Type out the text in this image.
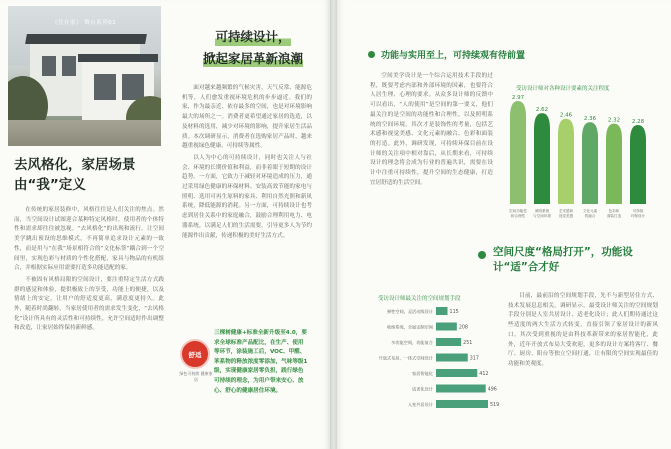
《住在家》 舞台系列01
去风格化，家居场景由“我”定义

在传统的家居装修中，风格往往是人们关注的焦点。然而，当空间设计试图迎合某种特定风格时，使用者的个体特性和需求却往往被忽视。“去风格化”的出现和流行，让空间美学跳出预设的思维模式，不再简单追求设计元素的一致性，而是用与“在我”场景相符合的“文化标签”耦合到一个空间里，实现色彩与材质的个性化搭配，家具与物品的有机组合，并根据实际应用需要打造多功能适配的家。

不被固有风格局限的空间设计，要注重特定生活方式践群的感觉和体验，提供极致上的享受，功能上的便捷，以及情绪上的安定，让用户的舒适度更高，满意度更持久。此外，随着时尚翻转，当家居使用者的需求发生变化，“去风格化”设计所具有的灵活性和可持续性，允许空间适时作出调整和改造，让家居始终保持新鲜感。

可持续设计，
掀起家居革新浪潮

面对越来越频繁的气候灾害，天气反常、能源危机等，人们愈发重视环境危机的步步逼近。我们的家，作为最亲近、依存最多的空间，也是对环境影响最大的场所之一。消费者更希望通过家居的选造，以及材料的选用，减少对环境的影响，提升家居生活品质。本次调研显示，消费者在选购家居产品时，越来越重视绿色健康、可持续等属性。

以人为中心的可持续设计，同时也关注人与社会、环境的长期价值和利益，而非着眼于短期的设计趋势。一方面，它致力于减轻对环境造成的压力，通过采用绿色健康的环保材料、安装高效节能的家电与照明、选用可再生原料的家具、利用自然光照和新风系统，降低能源的消耗。另一方面，可持续设计也考虑到居住关系中的家庭融合，鼓励合理利用电力、电器系统，以满足人们的生活需要，引导更多人为节约能源作出贡献，传递积极的美好生活方式。

舒适
绿色可持续 健康家居
三棵树健康+标准全新升级至4.0，要求全球标准产品配比，在生产、使用等环节，涂装施工后，VOC、甲醛、苯系物的释放浓度零添加，气味等级1级，实现健康家居零负担，践行绿色可持续的理念，为用户带来安心、放心、舒心的健康居住环境。
功能与实用至上，可持续观有待前置

空间美学设计是一个综合运用技术手段的过程，既要考虑内部和外部环境的因素，也要符合人居生理、心理的要求。从众多设计师的反馈中可以看出，“人的使用”是空间的第一要义，他们最关注的是空间的功能性和合理性，以及照明系统的空间环境。其次才是装饰性的考量，包括艺术感和视觉美感、文化元素的融合、色彩和面装的打造。此外，调研发现，可持续环保目前在设计师的关注项中相对靠后，从长期来看，可持续设计的理念将会成为行业的普遍共识，需要在设计中注重可持续性，提升空间的生态健康，打造宜居舒适的生活空间。

受访设计师对各种设计要素的关注程度
2.97
空间功能性
和合理性
2.62
照明系统
与空间环境
2.46
艺术感和
视觉美感
2.36
文化元素
的融合
2.32
色彩和
面装打造
2.28
可持续
环保设计
空间尺度“格局打开”，功能设计“适”合才好
受访设计师最关注的空间规划手段
弹性空间，灵活动线设计	115
收纳系统，全屋定制空间	208
多功能空间，功能复合	251
开放式布局，一体式空间设计	317
家居智能化	412
适老化设计	496
入室共居设计	519

目前，最前沿的空间规划手段，先不与新型居住方式、技术发展息息相关。调研显示，最受设计师关注的空间规划手段分别是人室共居设计、适老化设计；此人们期待通过这些适度的两大生活方式转变，直接引领了家居设计的新风口。其次受到重视的是由科技革新带来的家居智能化，此外，近年开放式布局大受欢迎，更多的设计方案将客厅、餐厅、厨房、阳台等独立空间打通，让有限的空间实现最佳的功能和美观度。
